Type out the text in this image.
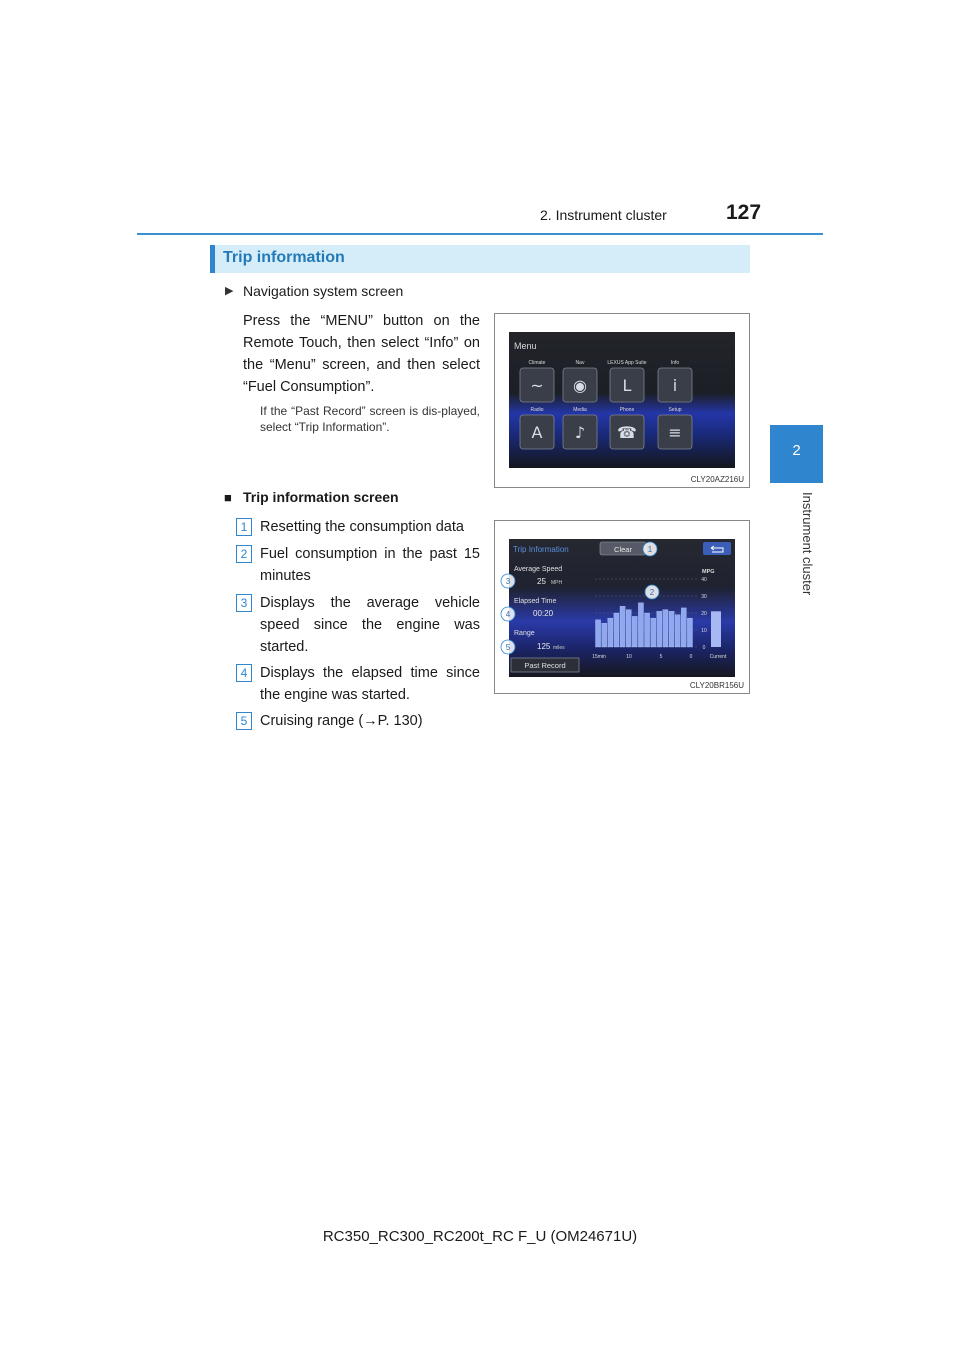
2. Instrument cluster	127
2
Instrument cluster
Trip information
▶ Navigation system screen
Press the “MENU” button on the Remote Touch, then select “Info” on the “Menu” screen, and then select “Fuel Consumption”.
If the “Past Record” screen is dis-played, select “Trip Information”.
Menu
Climate	Nav	LEXUS App Suite	Info
~ ◉ L	i
Radio	Media	Phone	Setup
A ♪ ☎ ≡
CLY20AZ216U
■ Trip information screen
1 Resetting the consumption data
2 Fuel consumption in the past 15 minutes
3 Displays the average vehicle speed since the engine was started.
4 Displays the elapsed time since the engine was started.
5 Cruising range (→P. 130)
Trip Information	Clear
Average Speed
25 MPH
Elapsed Time
00:20
Range
125 miles
Past Record
MPG
40
30
20
10
0
15min	10	5	0	Current
1
2
3
4
5
CLY20BR156U
RC350_RC300_RC200t_RC F_U (OM24671U)
